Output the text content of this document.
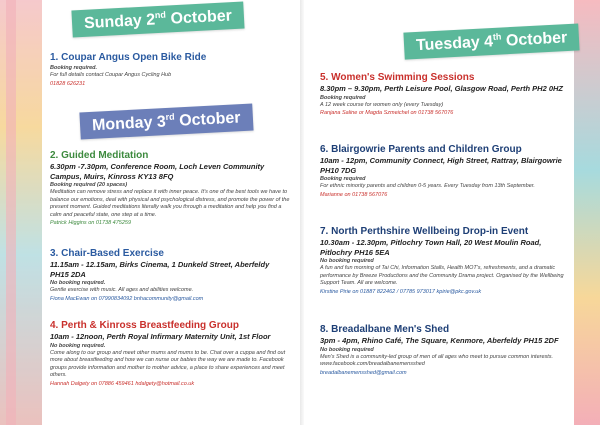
Sunday 2nd October
Monday 3rd October
Tuesday 4th October
1. Coupar Angus Open Bike Ride
Booking required.
For full details contact Coupar Angus Cycling Hub
01828 626231
2. Guided Meditation
6.30pm -7.30pm, Conference Room, Loch Leven Community Campus, Muirs, Kinross KY13 8FQ
Booking required (20 spaces)
Meditation can remove stress and replace it with inner peace. It's one of the best tools we have to balance our emotions, deal with physical and psychological distress, and promote the power of the present moment. Guided meditations literally walk you through a meditation and help you find a calm and peaceful state, one step at a time.
Patrick Higgins on 01738 475259
3. Chair-Based Exercise
11.15am - 12.15am, Birks Cinema, 1 Dunkeld Street, Aberfeldy PH15 2DA
No booking required.
Gentle exercise with music. All ages and abilities welcome.
Fiona MacEwan on 07990834092 bnhacommunity@gmail.com
4. Perth & Kinross Breastfeeding Group
10am - 12noon, Perth Royal Infirmary Maternity Unit, 1st Floor
No booking required.
Come along to our group and meet other mums and mums to be. Chat over a cuppa and find out more about breastfeeding and how we can nurse our babies the way we are made to. Facebook groups provide information and mother to mother advice, a place to share experiences and meet others.
Hannah Dalgety on 07886 459461 hdalgety@hotmail.co.uk
5. Women's Swimming Sessions
8.30pm – 9.30pm, Perth Leisure Pool, Glasgow Road, Perth PH2 0HZ
Booking required
A 12 week course for women only (every Tuesday)
Ranjana Saline or Magda Szmeichel on 01738 567076
6. Blairgowrie Parents and Children Group
10am - 12pm, Community Connect, High Street, Rattray, Blairgowrie PH10 7DG
Booking required
For ethnic minority parents and children 0-5 years. Every Tuesday from 13th September.
Marianne on 01738 567076
7. North Perthshire Wellbeing Drop-in Event
10.30am - 12.30pm, Pitlochry Town Hall, 20 West Moulin Road, Pitlochry PH16 5EA
No booking required
A fun and fun morning of Tai Chi, Information Stalls, Health MOT's, refreshments, and a dramatic performance by Breeze Productions and the Community Drama project. Organised by the Wellbeing Support Team. All are welcome.
Kirstine Pirie on 01887 822462 / 07785 973017 kpirie@pkc.gov.uk
8. Breadalbane Men's Shed
3pm - 4pm, Rhino Café, The Square, Kenmore, Aberfeldy PH15 2DF
No booking required
Men's Shed is a community-led group of men of all ages who meet to pursue common interests. www.facebook.com/breadalbanemensshed
breadalbanemensshed@gmail.com
